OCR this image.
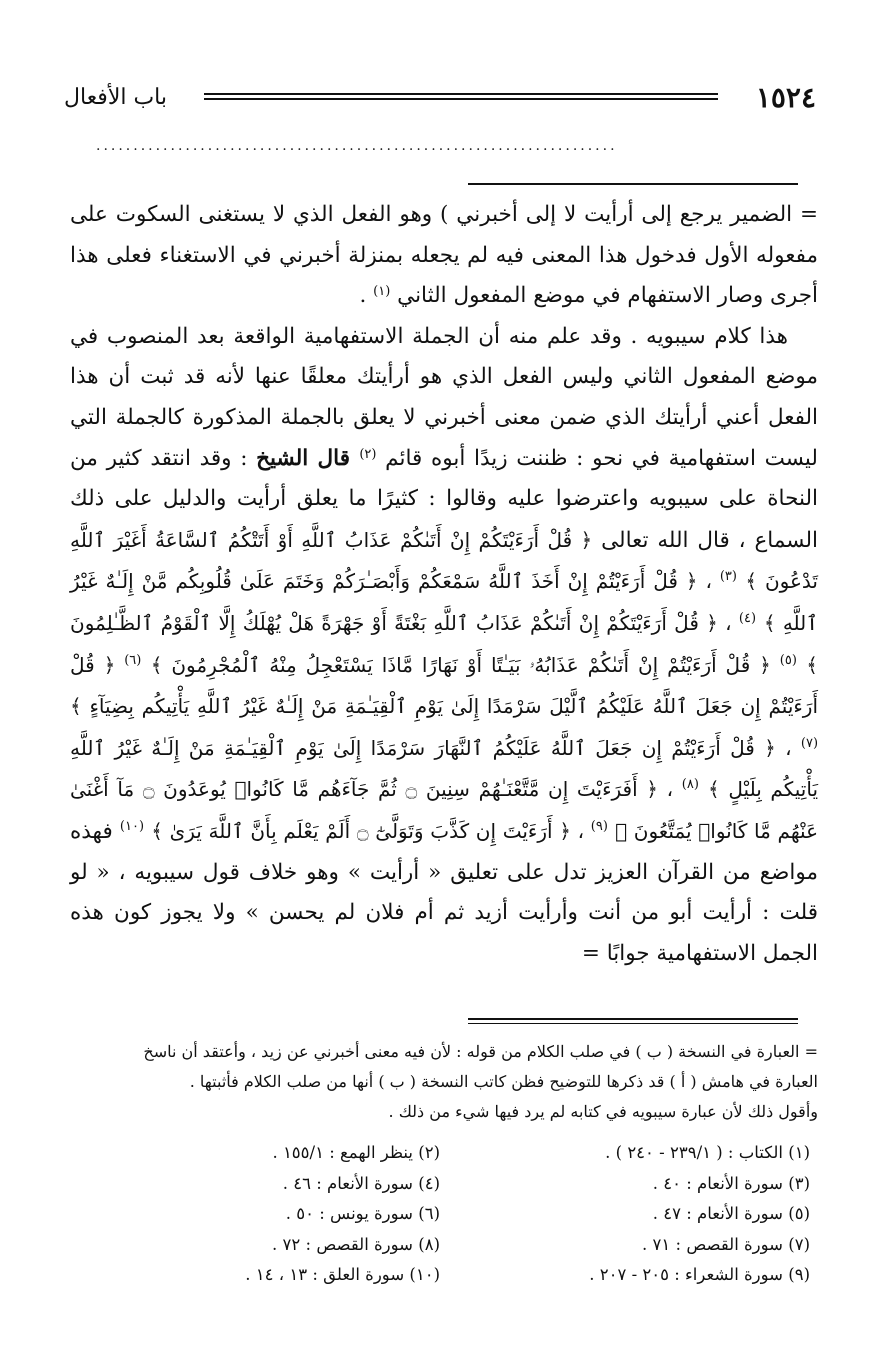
١٥٢٤
باب الأفعال
......................................................................

= الضمير يرجع إلى أرأيت لا إلى أخبرني ) وهو الفعل الذي لا يستغنى السكوت على مفعوله الأول فدخول هذا المعنى فيه لم يجعله بمنزلة أخبرني في الاستغناء فعلى هذا أجرى وصار الاستفهام في موضع المفعول الثاني $^{(١)}$ .

هذا كلام سيبويه . وقد علم منه أن الجملة الاستفهامية الواقعة بعد المنصوب في موضع المفعول الثاني وليس الفعل الذي هو أرأيتك معلقًا عنها لأنه قد ثبت أن هذا الفعل أعني أرأيتك الذي ضمن معنى أخبرني لا يعلق بالجملة المذكورة كالجملة التي ليست استفهامية في نحو : ظننت زيدًا أبوه قائم $^{(٢)}$ قال الشيخ : وقد انتقد كثير من النحاة على سيبويه واعترضوا عليه وقالوا : كثيرًا ما يعلق أرأيت والدليل على ذلك السماع ، قال الله تعالى ﴿ قُلْ أَرَءَيْتَكُمْ إِنْ أَتَىٰكُمْ عَذَابُ ٱللَّهِ أَوْ أَتَتْكُمُ ٱلسَّاعَةُ أَغَيْرَ ٱللَّهِ تَدْعُونَ ﴾ $^{(٣)}$ ، ﴿ قُلْ أَرَءَيْتُمْ إِنْ أَخَذَ ٱللَّهُ سَمْعَكُمْ وَأَبْصَـٰرَكُمْ وَخَتَمَ عَلَىٰ قُلُوبِكُم مَّنْ إِلَـٰهٌ غَيْرُ ٱللَّهِ ﴾ $^{(٤)}$ ، ﴿ قُلْ أَرَءَيْتَكُمْ إِنْ أَتَىٰكُمْ عَذَابُ ٱللَّهِ بَغْتَةً أَوْ جَهْرَةً هَلْ يُهْلَكُ إِلَّا ٱلْقَوْمُ ٱلظَّـٰلِمُونَ ﴾ $^{(٥)}$ ﴿ قُلْ أَرَءَيْتُمْ إِنْ أَتَىٰكُمْ عَذَابُهُۥ بَيَـٰتًا أَوْ نَهَارًا مَّاذَا يَسْتَعْجِلُ مِنْهُ ٱلْمُجْرِمُونَ ﴾ $^{(٦)}$ ﴿ قُلْ أَرَءَيْتُمْ إِن جَعَلَ ٱللَّهُ عَلَيْكُمُ ٱلَّيْلَ سَرْمَدًا إِلَىٰ يَوْمِ ٱلْقِيَـٰمَةِ مَنْ إِلَـٰهٌ غَيْرُ ٱللَّهِ يَأْتِيكُم بِضِيَآءٍ ﴾ $^{(٧)}$ ، ﴿ قُلْ أَرَءَيْتُمْ إِن جَعَلَ ٱللَّهُ عَلَيْكُمُ ٱلنَّهَارَ سَرْمَدًا إِلَىٰ يَوْمِ ٱلْقِيَـٰمَةِ مَنْ إِلَـٰهٌ غَيْرُ ٱللَّهِ يَأْتِيكُم بِلَيْلٍ ﴾ $^{(٨)}$ ، ﴿ أَفَرَءَيْتَ إِن مَّتَّعْنَـٰهُمْ سِنِينَ ۝ ثُمَّ جَآءَهُم مَّا كَانُوا۟ يُوعَدُونَ ۝ مَآ أَغْنَىٰ عَنْهُم مَّا كَانُوا۟ يُمَتَّعُونَ ﴾ $^{(٩)}$ ، ﴿ أَرَءَيْتَ إِن كَذَّبَ وَتَوَلَّىٰٓ ۝ أَلَمْ يَعْلَم بِأَنَّ ٱللَّهَ يَرَىٰ ﴾ $^{(١٠)}$ فهذه مواضع من القرآن العزيز تدل على تعليق « أرأيت » وهو خلاف قول سيبويه ، « لو قلت : أرأيت أبو من أنت وأرأيت أزيد ثم أم فلان لم يحسن » ولا يجوز كون هذه الجمل الاستفهامية جوابًا =

= العبارة في النسخة ( ب ) في صلب الكلام من قوله : لأن فيه معنى أخبرني عن زيد ، وأعتقد أن ناسخ

العبارة في هامش ( أ ) قد ذكرها للتوضيح فظن كاتب النسخة ( ب ) أنها من صلب الكلام فأثبتها .

وأقول ذلك لأن عبارة سيبويه في كتابه لم يرد فيها شيء من ذلك .

(١) الكتاب : ( ٢٣٩/١ - ٢٤٠ ) .
(٢) ينظر الهمع : ١٥٥/١ .
(٣) سورة الأنعام : ٤٠ .
(٤) سورة الأنعام : ٤٦ .
(٥) سورة الأنعام : ٤٧ .
(٦) سورة يونس : ٥٠ .
(٧) سورة القصص : ٧١ .
(٨) سورة القصص : ٧٢ .
(٩) سورة الشعراء : ٢٠٥ - ٢٠٧ .
(١٠) سورة العلق : ١٣ ، ١٤ .
